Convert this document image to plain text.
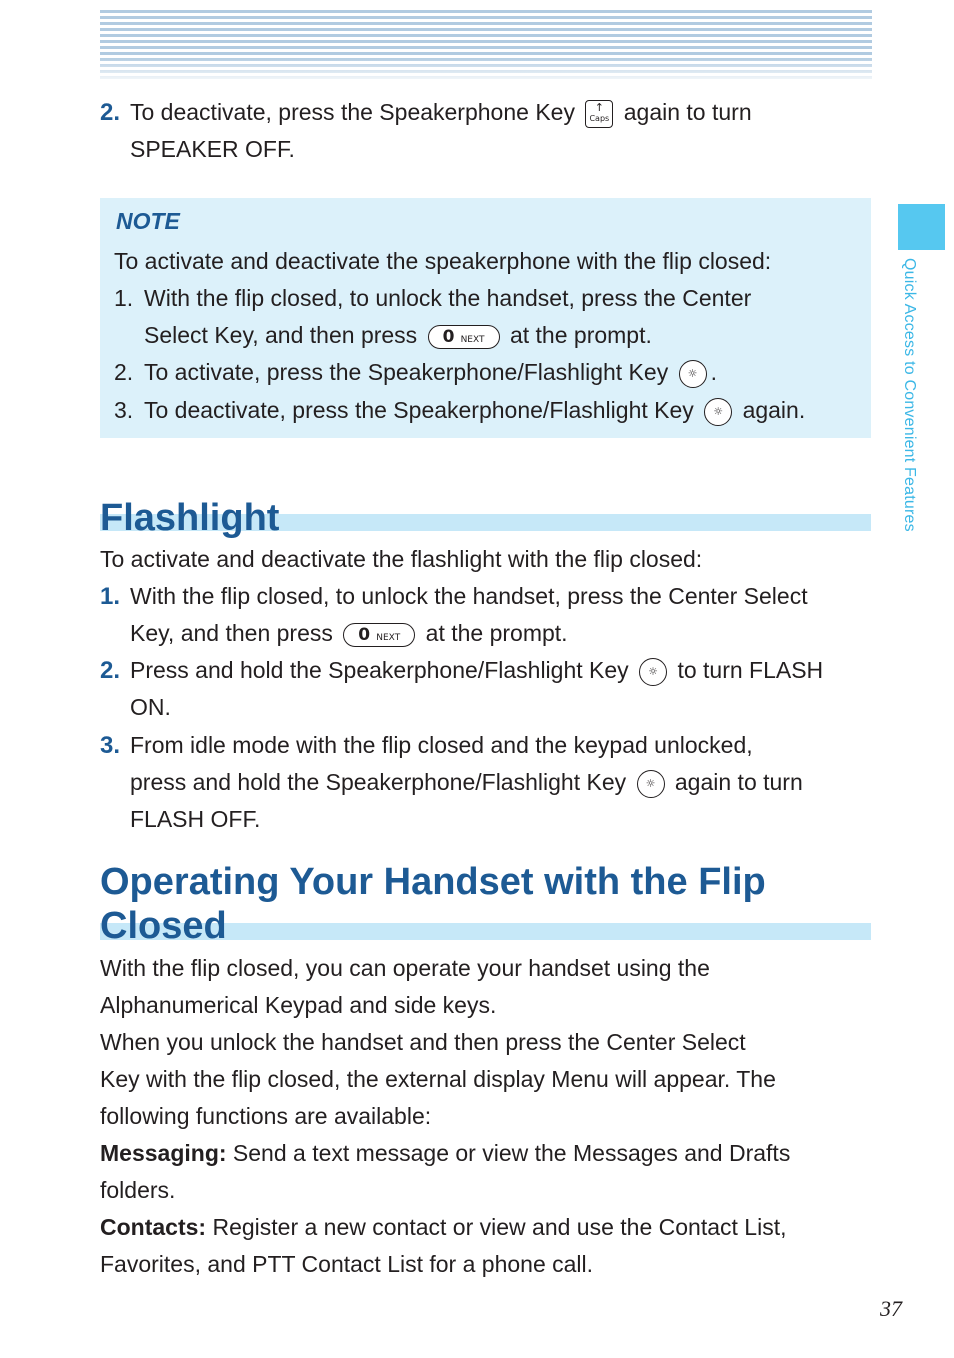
Quick Access to Convenient Features
2. To deactivate, press the Speakerphone Key	↑
Caps again to turn
SPEAKER OFF.
NOTE
To activate and deactivate the speakerphone with the flip closed:
1. With the flip closed, to unlock the handset, press the Center
Select Key, and then press 0 NEXT at the prompt.
2. To activate, press the Speakerphone/Flashlight Key ☼ .
3. To deactivate, press the Speakerphone/Flashlight Key ☼ again.
Flashlight

To activate and deactivate the flashlight with the flip closed:

1. With the flip closed, to unlock the handset, press the Center Select
Key, and then press 0 NEXT at the prompt.
2. Press and hold the Speakerphone/Flashlight Key ☼ to turn FLASH
ON.
3. From idle mode with the flip closed and the keypad unlocked,
press and hold the Speakerphone/Flashlight Key ☼ again to turn
FLASH OFF.
Operating Your Handset with the Flip
Closed

With the flip closed, you can operate your handset using the
Alphanumerical Keypad and side keys.

When you unlock the handset and then press the Center Select
Key with the flip closed, the external display Menu will appear. The
following functions are available:

Messaging: Send a text message or view the Messages and Drafts
folders.

Contacts: Register a new contact or view and use the Contact List,
Favorites, and PTT Contact List for a phone call.

37
